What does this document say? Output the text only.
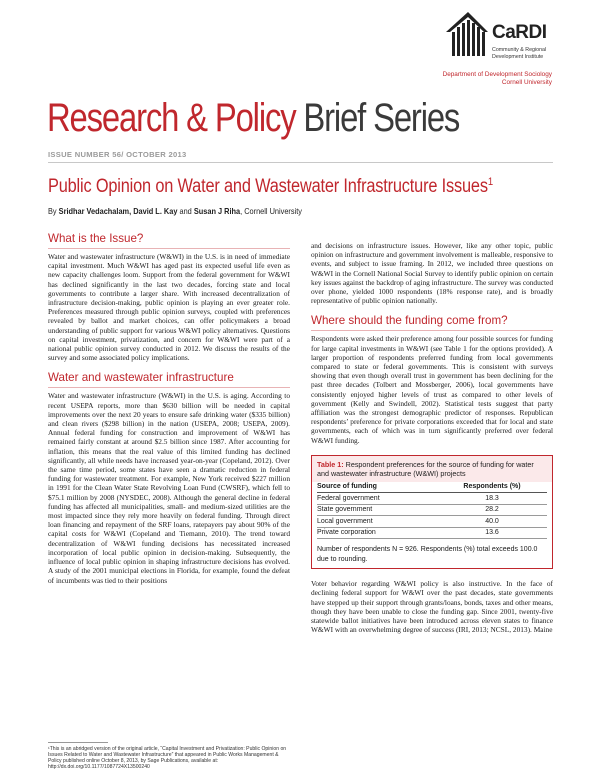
CaRDI
Community & Regional Development Institute
Department of Development Sociology
Cornell University
Research & Policy Brief Series
ISSUE NUMBER 56/ OCTOBER 2013
Public Opinion on Water and Wastewater Infrastructure Issues$^1$
By Sridhar Vedachalam, David L. Kay and Susan J Riha, Cornell University
What is the Issue?

Water and wastewater infrastructure (W&WI) in the U.S. is in need of immediate capital investment. Much W&WI has aged past its expected useful life even as new capacity challenges loom. Support from the federal government for W&WI has declined significantly in the last two decades, forcing state and local governments to contribute a larger share. With increased decentralization of infrastructure decision-making, public opinion is playing an ever greater role. Preferences measured through public opinion surveys, coupled with preferences revealed by ballot and market choices, can offer policymakers a broad understanding of public support for various W&WI policy alternatives. Questions on capital investment, privatization, and concern for W&WI were part of a national public opinion survey conducted in 2012. We discuss the results of the survey and some associated policy implications.

Water and wastewater infrastructure

Water and wastewater infrastructure (W&WI) in the U.S. is aging. According to recent USEPA reports, more than $630 billion will be needed in capital improvements over the next 20 years to ensure safe drinking water ($335 billion) and clean rivers ($298 billion) in the nation (USEPA, 2008; USEPA, 2009). Annual federal funding for construction and improvement of W&WI has remained fairly constant at around $2.5 billion since 1987. After accounting for inflation, this means that the real value of this limited funding has declined significantly, all while needs have increased year-on-year (Copeland, 2012). Over the same time period, some states have seen a dramatic reduction in federal funding for wastewater treatment. For example, New York received $227 million in 1991 for the Clean Water State Revolving Loan Fund (CWSRF), which fell to $75.1 million by 2008 (NYSDEC, 2008). Although the general decline in federal funding has affected all municipalities, small- and medium-sized utilities are the most impacted since they rely more heavily on federal funding. Through direct loan financing and repayment of the SRF loans, ratepayers pay about 90% of the capital costs for W&WI (Copeland and Tiemann, 2010). The trend toward decentralization of W&WI funding decisions has necessitated increased incorporation of local public opinion in decision-making. Subsequently, the influence of local public opinion in shaping infrastructure decisions has evolved. A study of the 2001 municipal elections in Florida, for example, found the defeat of incumbents was tied to their positions

and decisions on infrastructure issues. However, like any other topic, public opinion on infrastructure and government involvement is malleable, responsive to events, and subject to issue framing. In 2012, we included three questions on W&WI in the Cornell National Social Survey to identify public opinion on certain key issues against the backdrop of aging infrastructure. The survey was conducted over phone, yielded 1000 respondents (18% response rate), and is broadly representative of public opinion nationally.

Where should the funding come from?

Respondents were asked their preference among four possible sources for funding for large capital investments in W&WI (see Table 1 for the options provided). A larger proportion of respondents preferred funding from local governments compared to state or federal governments. This is consistent with surveys showing that even though overall trust in government has been declining for the past three decades (Tolbert and Mossberger, 2006), local governments have consistently enjoyed higher levels of trust as compared to other levels of government (Kelly and Swindell, 2002). Statistical tests suggest that party affiliation was the strongest demographic predictor of responses. Republican respondents’ preference for private corporations exceeded that for local and state governments, each of which was in turn significantly preferred over federal W&WI funding.

Table 1: Respondent preferences for the source of funding for water and wastewater infrastructure (W&WI) projects
Source of funding	Respondents (%)
Federal government	18.3
State government	28.2
Local government	40.0
Private corporation	13.6
Number of respondents N = 926. Respondents (%) total exceeds 100.0 due to rounding.

Voter behavior regarding W&WI policy is also instructive. In the face of declining federal support for W&WI over the past decades, state governments have stepped up their support through grants/loans, bonds, taxes and other means, though they have been unable to close the funding gap. Since 2001, twenty-five statewide ballot initiatives have been introduced across eleven states to finance W&WI with an overwhelming degree of success (IRI, 2013; NCSL, 2013). Maine

¹This is an abridged version of the original article, “Capital Investment and Privatization: Public Opinion on Issues Related to Water and Wastewater Infrastructure” that appeared in Public Works Management & Policy published online October 8, 2013, by Sage Publications, available at: http://dx.doi.org/10.1177/1087724X13500240
